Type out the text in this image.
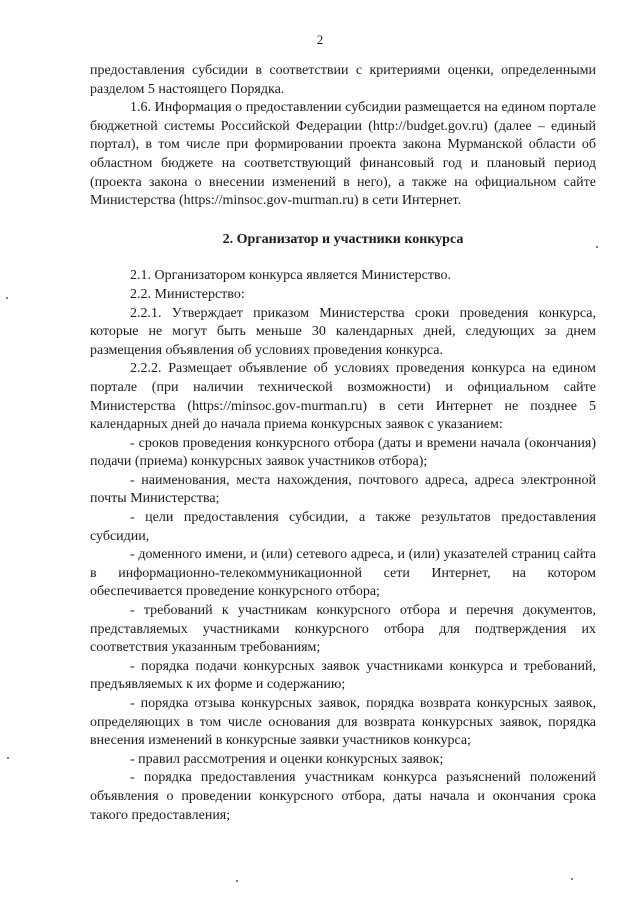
2

предоставления субсидии в соответствии с критериями оценки, определенными разделом 5 настоящего Порядка.

1.6. Информация о предоставлении субсидии размещается на едином портале бюджетной системы Российской Федерации (http://budget.gov.ru) (далее – единый портал), в том числе при формировании проекта закона Мурманской области об областном бюджете на соответствующий финансовый год и плановый период (проекта закона о внесении изменений в него), а также на официальном сайте Министерства (https://minsoc.gov-murman.ru) в сети Интернет.

2. Организатор и участники конкурса

2.1. Организатором конкурса является Министерство.

2.2. Министерство:

2.2.1. Утверждает приказом Министерства сроки проведения конкурса, которые не могут быть меньше 30 календарных дней, следующих за днем размещения объявления об условиях проведения конкурса.

2.2.2. Размещает объявление об условиях проведения конкурса на едином портале (при наличии технической возможности) и официальном сайте Министерства (https://minsoc.gov-murman.ru) в сети Интернет не позднее 5 календарных дней до начала приема конкурсных заявок с указанием:

- сроков проведения конкурсного отбора (даты и времени начала (окончания) подачи (приема) конкурсных заявок участников отбора);

- наименования, места нахождения, почтового адреса, адреса электронной почты Министерства;

- цели предоставления субсидии, а также результатов предоставления субсидии,

- доменного имени, и (или) сетевого адреса, и (или) указателей страниц сайта в информационно-телекоммуникационной сети Интернет, на котором обеспечивается проведение конкурсного отбора;

- требований к участникам конкурсного отбора и перечня документов, представляемых участниками конкурсного отбора для подтверждения их соответствия указанным требованиям;

- порядка подачи конкурсных заявок участниками конкурса и требований, предъявляемых к их форме и содержанию;

- порядка отзыва конкурсных заявок, порядка возврата конкурсных заявок, определяющих в том числе основания для возврата конкурсных заявок, порядка внесения изменений в конкурсные заявки участников конкурса;

- правил рассмотрения и оценки конкурсных заявок;

- порядка предоставления участникам конкурса разъяснений положений объявления о проведении конкурсного отбора, даты начала и окончания срока такого предоставления;
